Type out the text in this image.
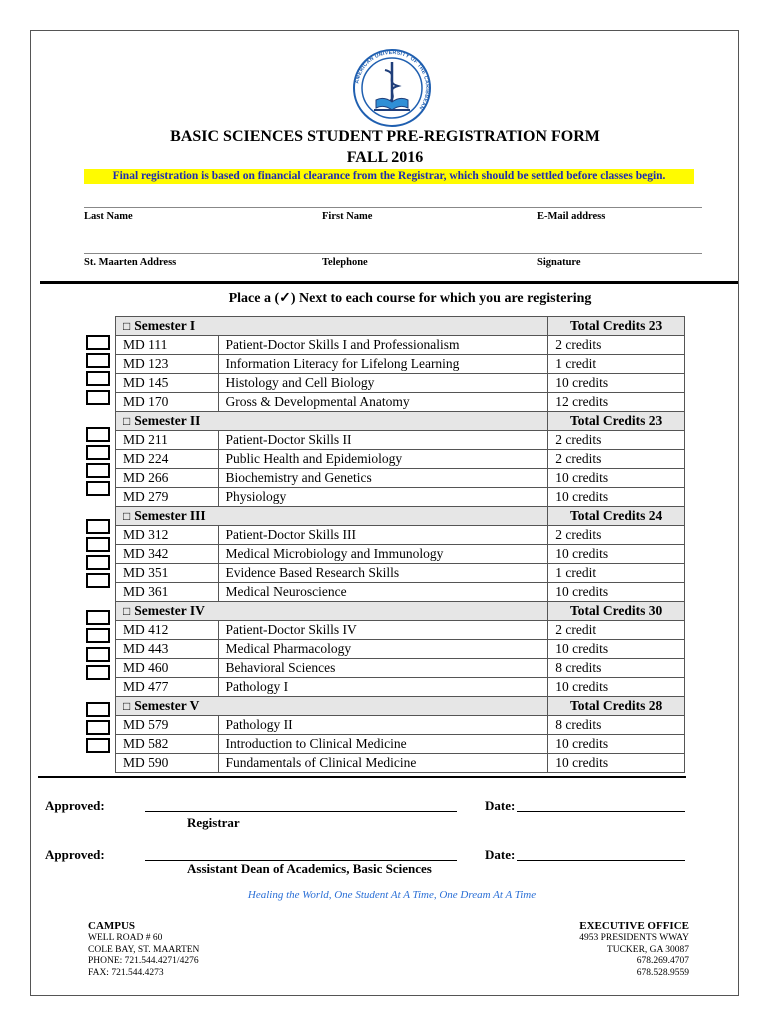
AMERICAN UNIVERSITY OF THE CARIBBEAN
BASIC SCIENCES STUDENT PRE-REGISTRATION FORM
FALL 2016
Final registration is based on financial clearance from the Registrar, which should be settled before classes begin.
Last Name	First Name	E-Mail address
St. Maarten Address	Telephone	Signature
Place a (✓) Next to each course for which you are registering
□ Semester I		Total Credits 23
MD 111	Patient-Doctor Skills I and Professionalism	2 credits
MD 123	Information Literacy for Lifelong Learning	1 credit
MD 145	Histology and Cell Biology	10 credits
MD 170	Gross & Developmental Anatomy	12 credits
□ Semester II		Total Credits 23
MD 211	Patient-Doctor Skills II	2 credits
MD 224	Public Health and Epidemiology	2 credits
MD 266	Biochemistry and Genetics	10 credits
MD 279	Physiology	10 credits
□ Semester III		Total Credits 24
MD 312	Patient-Doctor Skills III	2 credits
MD 342	Medical Microbiology and Immunology	10 credits
MD 351	Evidence Based Research Skills	1 credit
MD 361	Medical Neuroscience	10 credits
□ Semester IV		Total Credits 30
MD 412	Patient-Doctor Skills IV	2 credit
MD 443	Medical Pharmacology	10 credits
MD 460	Behavioral Sciences	8 credits
MD 477	Pathology I	10 credits
□ Semester V		Total Credits 28
MD 579	Pathology II	8 credits
MD 582	Introduction to Clinical Medicine	10 credits
MD 590	Fundamentals of Clinical Medicine	10 credits
Approved:
Registrar
Date:
Approved:
Assistant Dean of Academics, Basic Sciences
Date:
Healing the World, One Student At A Time, One Dream At A Time
CAMPUS
WELL ROAD # 60
COLE BAY, ST. MAARTEN
PHONE: 721.544.4271/4276
FAX: 721.544.4273
EXECUTIVE OFFICE
4953 PRESIDENTS WWAY
TUCKER, GA 30087
678.269.4707
678.528.9559
